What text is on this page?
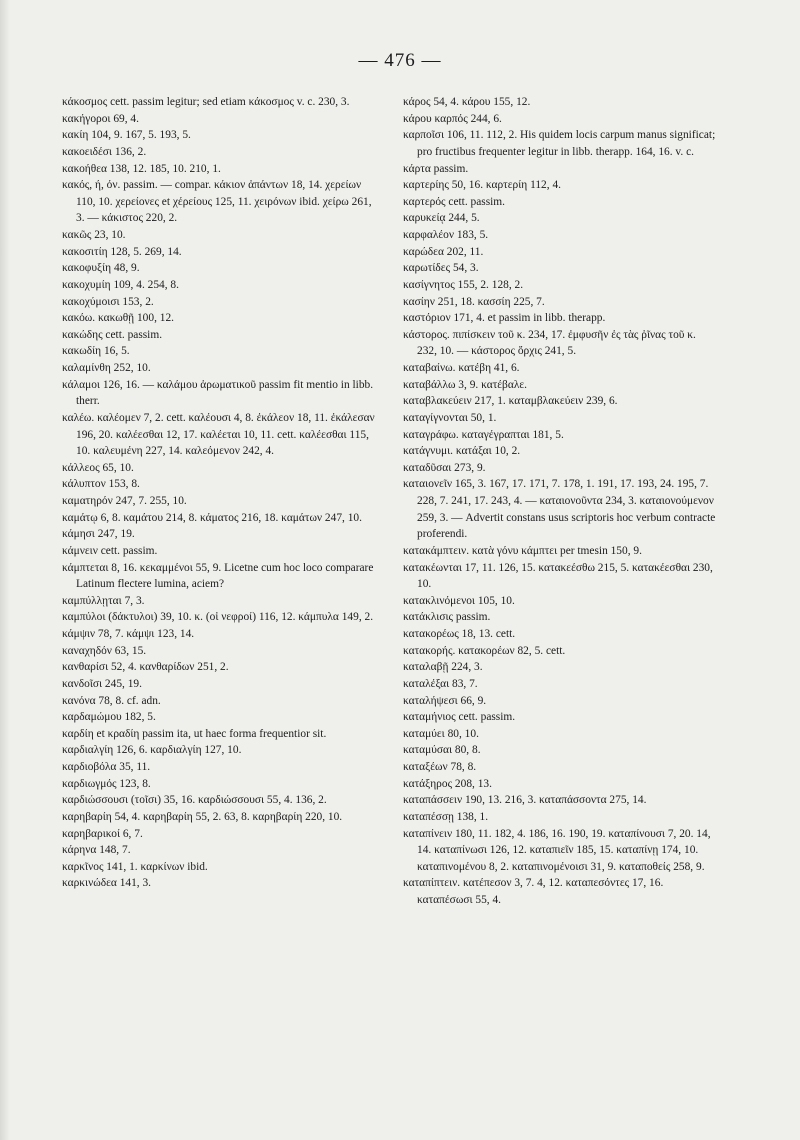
— 476 —

κάκοσμος cett. passim legitur; sed etiam κάκοσμος v. c. 230, 3.

κακήγοροι 69, 4.

κακίη 104, 9. 167, 5. 193, 5.

κακοειδέσι 136, 2.

κακοήθεα 138, 12. 185, 10. 210, 1.

κακός, ή, όν. passim. — compar. κάκιον ἁπάντων 18, 14. χερείων 110, 10. χερείονες et χέρείους 125, 11. χειρόνων ibid. χείρω 261, 3. — κάκιστος 220, 2.

κακῶς 23, 10.

κακοσιτίη 128, 5. 269, 14.

κακοφυξίη 48, 9.

κακοχυμίη 109, 4. 254, 8.

κακοχύμοισι 153, 2.

κακόω. κακωθῇ 100, 12.

κακώδης cett. passim.

κακωδίη 16, 5.

καλαμίνθη 252, 10.

κάλαμοι 126, 16. — καλάμου ἀρωματικοῦ passim fit mentio in libb. therr.

καλέω. καλέομεν 7, 2. cett. καλέουσι 4, 8. ἐκάλεον 18, 11. ἐκάλεσαν 196, 20. καλέεσθαι 12, 17. καλέεται 10, 11. cett. καλέεσθαι 115, 10. καλευμένη 227, 14. καλεόμενον 242, 4.

κάλλεος 65, 10.

κάλυπτον 153, 8.

καματηρόν 247, 7. 255, 10.

καμάτῳ 6, 8. καμάτου 214, 8. κάματος 216, 18. καμάτων 247, 10.

κάμησι 247, 19.

κάμνειν cett. passim.

κάμπτεται 8, 16. κεκαμμένοι 55, 9. Licetne cum hoc loco comparare Latinum flectere lumina, aciem?

καμπύλλῃται 7, 3.

καμπύλοι (δάκτυλοι) 39, 10. κ. (οἱ νεφροί) 116, 12. κάμπυλα 149, 2.

κάμψιν 78, 7. κάμψι 123, 14.

καναχηδόν 63, 15.

κανθαρίσι 52, 4. κανθαρίδων 251, 2.

κανδοῖσι 245, 19.

κανόνα 78, 8. cf. adn.

καρδαμώμου 182, 5.

καρδίη et κραδίη passim ita, ut haec forma frequentior sit.

καρδιαλγίη 126, 6. καρδιαλγίη 127, 10.

καρδιοβόλα 35, 11.

καρδιωγμός 123, 8.

καρδιώσσουσι (τοῖσι) 35, 16. καρδιώσσουσι 55, 4. 136, 2.

καρηβαρίη 54, 4. καρηβαρίη 55, 2. 63, 8. καρηβαρίη 220, 10.

καρηβαρικοί 6, 7.

κάρηνα 148, 7.

καρκῖνος 141, 1. καρκίνων ibid.

καρκινώδεα 141, 3.

κάρος 54, 4. κάρου 155, 12.

κάρου καρπός 244, 6.

καρποῖσι 106, 11. 112, 2. His quidem locis carpum manus significat; pro fructibus frequenter legitur in libb. therapp. 164, 16. v. c.

κάρτα passim.

καρτερίης 50, 16. καρτερίη 112, 4.

καρτερός cett. passim.

καρυκείᾳ 244, 5.

καρφαλέον 183, 5.

καρώδεα 202, 11.

καρωτίδες 54, 3.

κασίγνητος 155, 2. 128, 2.

κασίην 251, 18. κασσίη 225, 7.

καστόριον 171, 4. et passim in libb. therapp.

κάστορος. πιπίσκειν τοῦ κ. 234, 17. ἐμφυσῆν ἐς τὰς ῥῖνας τοῦ κ. 232, 10. — κάστορος ὄρχις 241, 5.

καταβαίνω. κατέβη 41, 6.

καταβάλλω 3, 9. κατέβαλε.

καταβλακεύειν 217, 1. καταμβλακεύειν 239, 6.

καταγίγνονται 50, 1.

καταγράφω. καταγέγραπται 181, 5.

κατάγνυμι. κατάξαι 10, 2.

καταδῦσαι 273, 9.

καταιονεῖν 165, 3. 167, 17. 171, 7. 178, 1. 191, 17. 193, 24. 195, 7. 228, 7. 241, 17. 243, 4. — καταιονοῦντα 234, 3. καταιονούμενον 259, 3. — Advertit constans usus scriptoris hoc verbum contracte proferendi.

κατακάμπτειν. κατὰ γόνυ κάμπτει per tmesin 150, 9.

κατακέωνται 17, 11. 126, 15. κατακεέσθω 215, 5. κατακέεσθαι 230, 10.

κατακλινόμενοι 105, 10.

κατάκλισις passim.

κατακορέως 18, 13. cett.

κατακορής. κατακορέων 82, 5. cett.

καταλαβῇ 224, 3.

καταλέξαι 83, 7.

καταλήψεσι 66, 9.

καταμήνιος cett. passim.

καταμύει 80, 10.

καταμύσαι 80, 8.

καταξέων 78, 8.

κατάξηρος 208, 13.

καταπάσσειν 190, 13. 216, 3. καταπάσσοντα 275, 14.

καταπέσσῃ 138, 1.

καταπίνειν 180, 11. 182, 4. 186, 16. 190, 19. καταπίνουσι 7, 20. 14, 14. καταπίνωσι 126, 12. καταπιεῖν 185, 15. καταπίνῃ 174, 10. καταπινομένου 8, 2. καταπινομένοισι 31, 9. καταποθείς 258, 9.

καταπίπτειν. κατέπεσον 3, 7. 4, 12. καταπεσόντες 17, 16. καταπέσωσι 55, 4.
